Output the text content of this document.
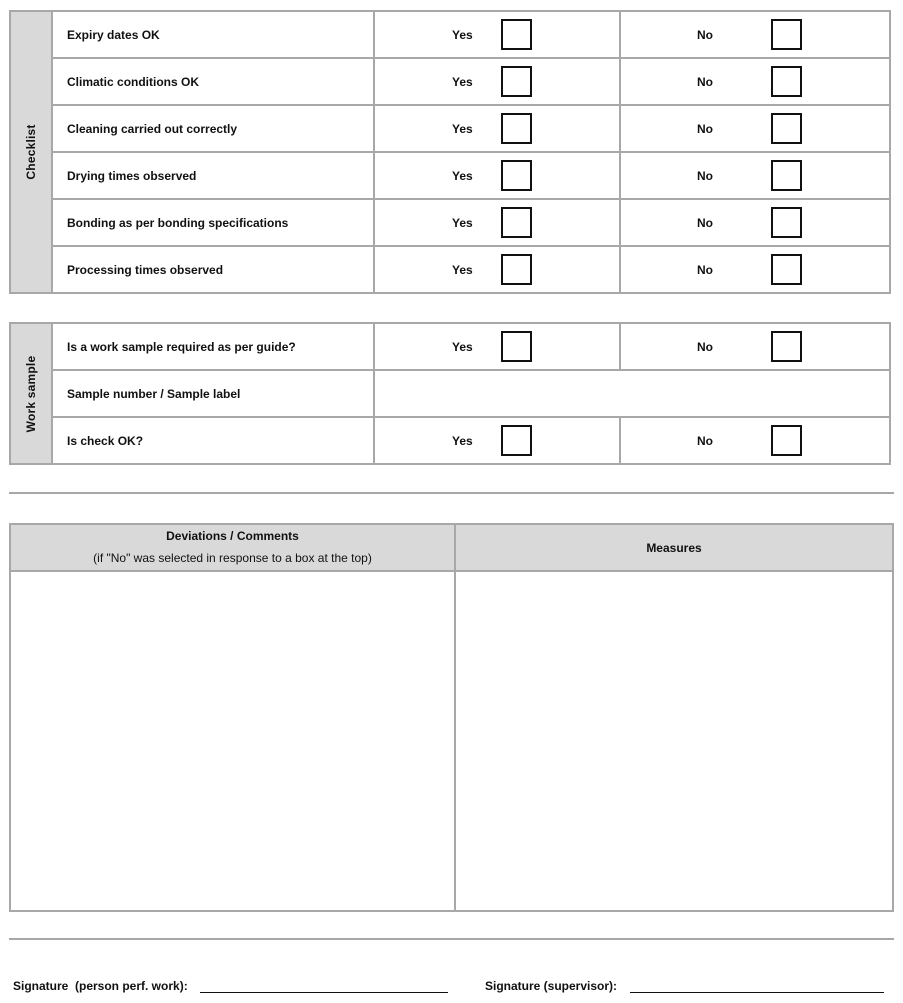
Checklist
Expiry dates OK	Yes	No
Climatic conditions OK	Yes	No
Cleaning carried out correctly	Yes	No
Drying times observed	Yes	No
Bonding as per bonding specifications	Yes	No
Processing times observed	Yes	No
Work sample
Is a work sample required as per guide?	Yes	No
Sample number / Sample label
Is check OK?	Yes	No
Deviations / Comments
(if "No" was selected in response to a box at the top)
Measures
Signature  (person perf. work):	Signature (supervisor):
